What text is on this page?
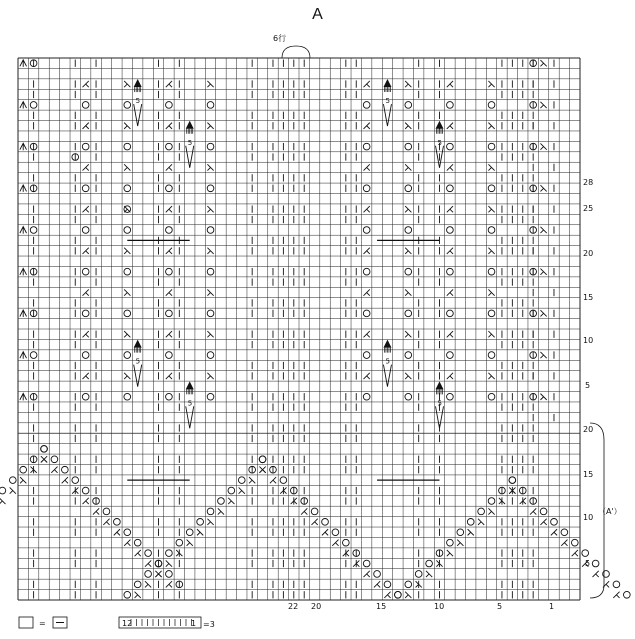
A
5
5
5
5
5
5
5
5
6行
5
10
15
20
25
28
5
10
15
20
（A'）
1
5
10
15
20
22
=	12	1 =3
